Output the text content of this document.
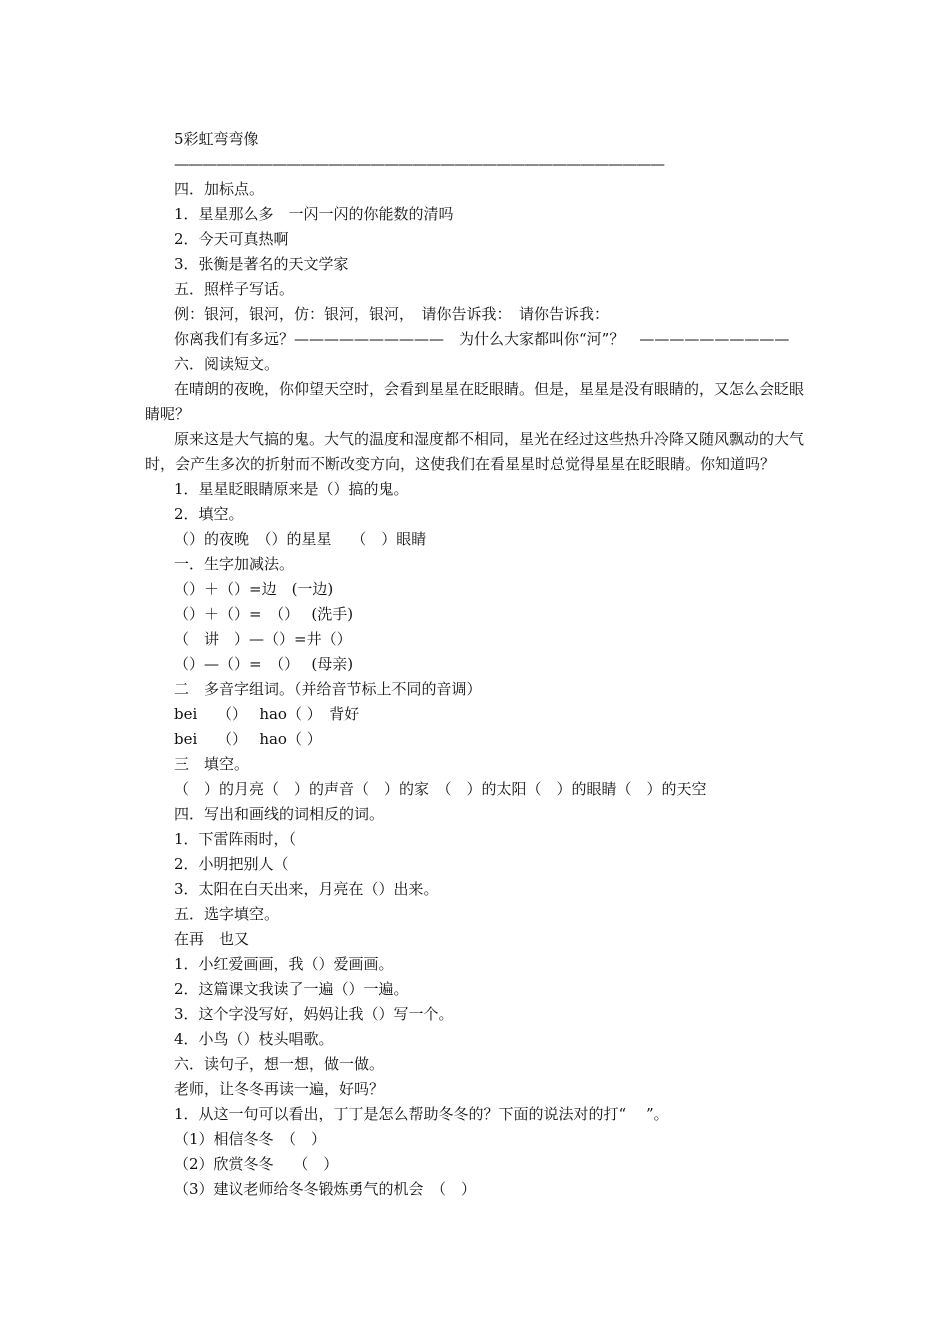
5彩虹弯弯像
———————————————————————————————————
四．加标点。
1．星星那么多　一闪一闪的你能数的清吗
2．今天可真热啊
3．张衡是著名的天文学家
五．照样子写话。
例：银河，银河，仿：银河，银河，　请你告诉我：　请你告诉我：
你离我们有多远？——————————　为什么大家都叫你“河”？　——————————
六．阅读短文。
在晴朗的夜晚，你仰望天空时，会看到星星在眨眼睛。但是，星星是没有眼睛的，又怎么会眨眼睛呢？
原来这是大气搞的鬼。大气的温度和湿度都不相同，星光在经过这些热升冷降又随风飘动的大气时，会产生多次的折射而不断改变方向，这使我们在看星星时总觉得星星在眨眼睛。你知道吗？
1．星星眨眼睛原来是（）搞的鬼。
2．填空。
（）的夜晚　（）的星星　 （　）眼睛
一．生字加减法。
（）＋（）=边　(一边)
（）＋（）=　（）　 (洗手)
（　讲　）—（）=井（）
（）—（）=　（）　 (母亲)
二　多音字组词。（并给音节标上不同的音调）
bei　 （）　 hao（ ）　背好
bei　 （）　 hao（ ）
三　填空。
（　）的月亮（　）的声音（　）的家　（　）的太阳（　）的眼睛（　）的天空
四．写出和画线的词相反的词。
1．下雷阵雨时，（
2．小明把别人（
3．太阳在白天出来，月亮在（）出来。
五．选字填空。
在再　也又
1．小红爱画画，我（）爱画画。
2．这篇课文我读了一遍（）一遍。
3．这个字没写好，妈妈让我（）写一个。
4．小鸟（）枝头唱歌。
六．读句子，想一想，做一做。
老师，让冬冬再读一遍，好吗？
1．从这一句可以看出，丁丁是怎么帮助冬冬的？下面的说法对的打“　 ”。
（1）相信冬冬　（　）
（2）欣赏冬冬　 （　）
（3）建议老师给冬冬锻炼勇气的机会　（　）
